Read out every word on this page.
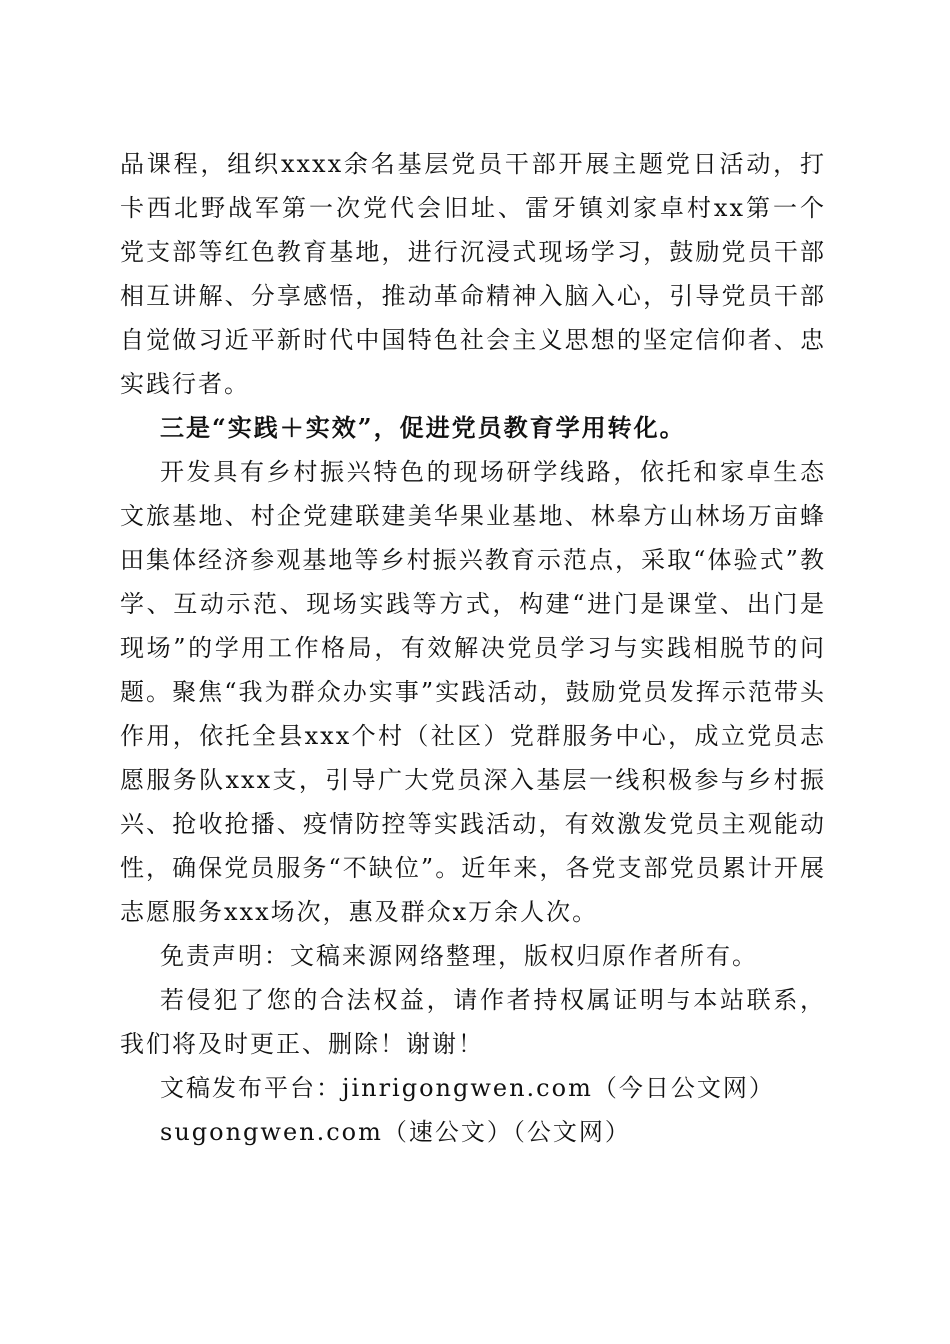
品课程，组织xxxx余名基层党员干部开展主题党日活动，打卡西北野战军第一次党代会旧址、雷牙镇刘家卓村xx第一个党支部等红色教育基地，进行沉浸式现场学习，鼓励党员干部相互讲解、分享感悟，推动革命精神入脑入心，引导党员干部自觉做习近平新时代中国特色社会主义思想的坚定信仰者、忠实践行者。

三是“实践＋实效”，促进党员教育学用转化。

开发具有乡村振兴特色的现场研学线路，依托和家卓生态文旅基地、村企党建联建美华果业基地、林皋方山林场万亩蜂田集体经济参观基地等乡村振兴教育示范点，采取“体验式”教学、互动示范、现场实践等方式，构建“进门是课堂、出门是现场”的学用工作格局，有效解决党员学习与实践相脱节的问题。聚焦“我为群众办实事”实践活动，鼓励党员发挥示范带头作用，依托全县xxx个村（社区）党群服务中心，成立党员志愿服务队xxx支，引导广大党员深入基层一线积极参与乡村振兴、抢收抢播、疫情防控等实践活动，有效激发党员主观能动性，确保党员服务“不缺位”。近年来，各党支部党员累计开展志愿服务xxx场次，惠及群众x万余人次。

免责声明：文稿来源网络整理，版权归原作者所有。

若侵犯了您的合法权益，请作者持权属证明与本站联系，我们将及时更正、删除！谢谢！

文稿发布平台：jinrigongwen.com（今日公文网）

sugongwen.com（速公文）（公文网）
